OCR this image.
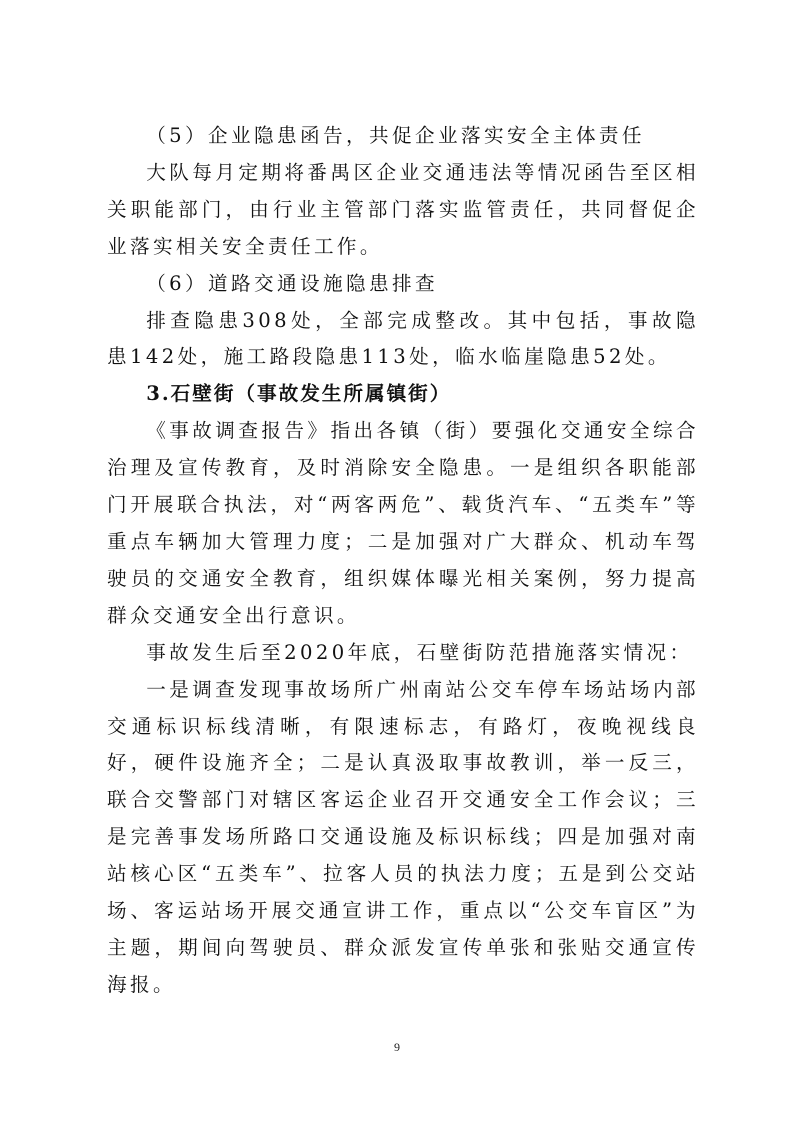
（5）企业隐患函告，共促企业落实安全主体责任

大队每月定期将番禺区企业交通违法等情况函告至区相关职能部门，由行业主管部门落实监管责任，共同督促企业落实相关安全责任工作。

（6）道路交通设施隐患排查

排查隐患308处，全部完成整改。其中包括，事故隐患142处，施工路段隐患113处，临水临崖隐患52处。

3.石壁街（事故发生所属镇街）

《事故调查报告》指出各镇（街）要强化交通安全综合治理及宣传教育，及时消除安全隐患。一是组织各职能部门开展联合执法，对“两客两危”、载货汽车、“五类车”等重点车辆加大管理力度；二是加强对广大群众、机动车驾驶员的交通安全教育，组织媒体曝光相关案例，努力提高群众交通安全出行意识。

事故发生后至2020年底，石壁街防范措施落实情况：

一是调查发现事故场所广州南站公交车停车场站场内部交通标识标线清晰，有限速标志，有路灯，夜晚视线良好，硬件设施齐全；二是认真汲取事故教训，举一反三，联合交警部门对辖区客运企业召开交通安全工作会议；三是完善事发场所路口交通设施及标识标线；四是加强对南站核心区“五类车”、拉客人员的执法力度；五是到公交站场、客运站场开展交通宣讲工作，重点以“公交车盲区”为主题，期间向驾驶员、群众派发宣传单张和张贴交通宣传海报。

9
